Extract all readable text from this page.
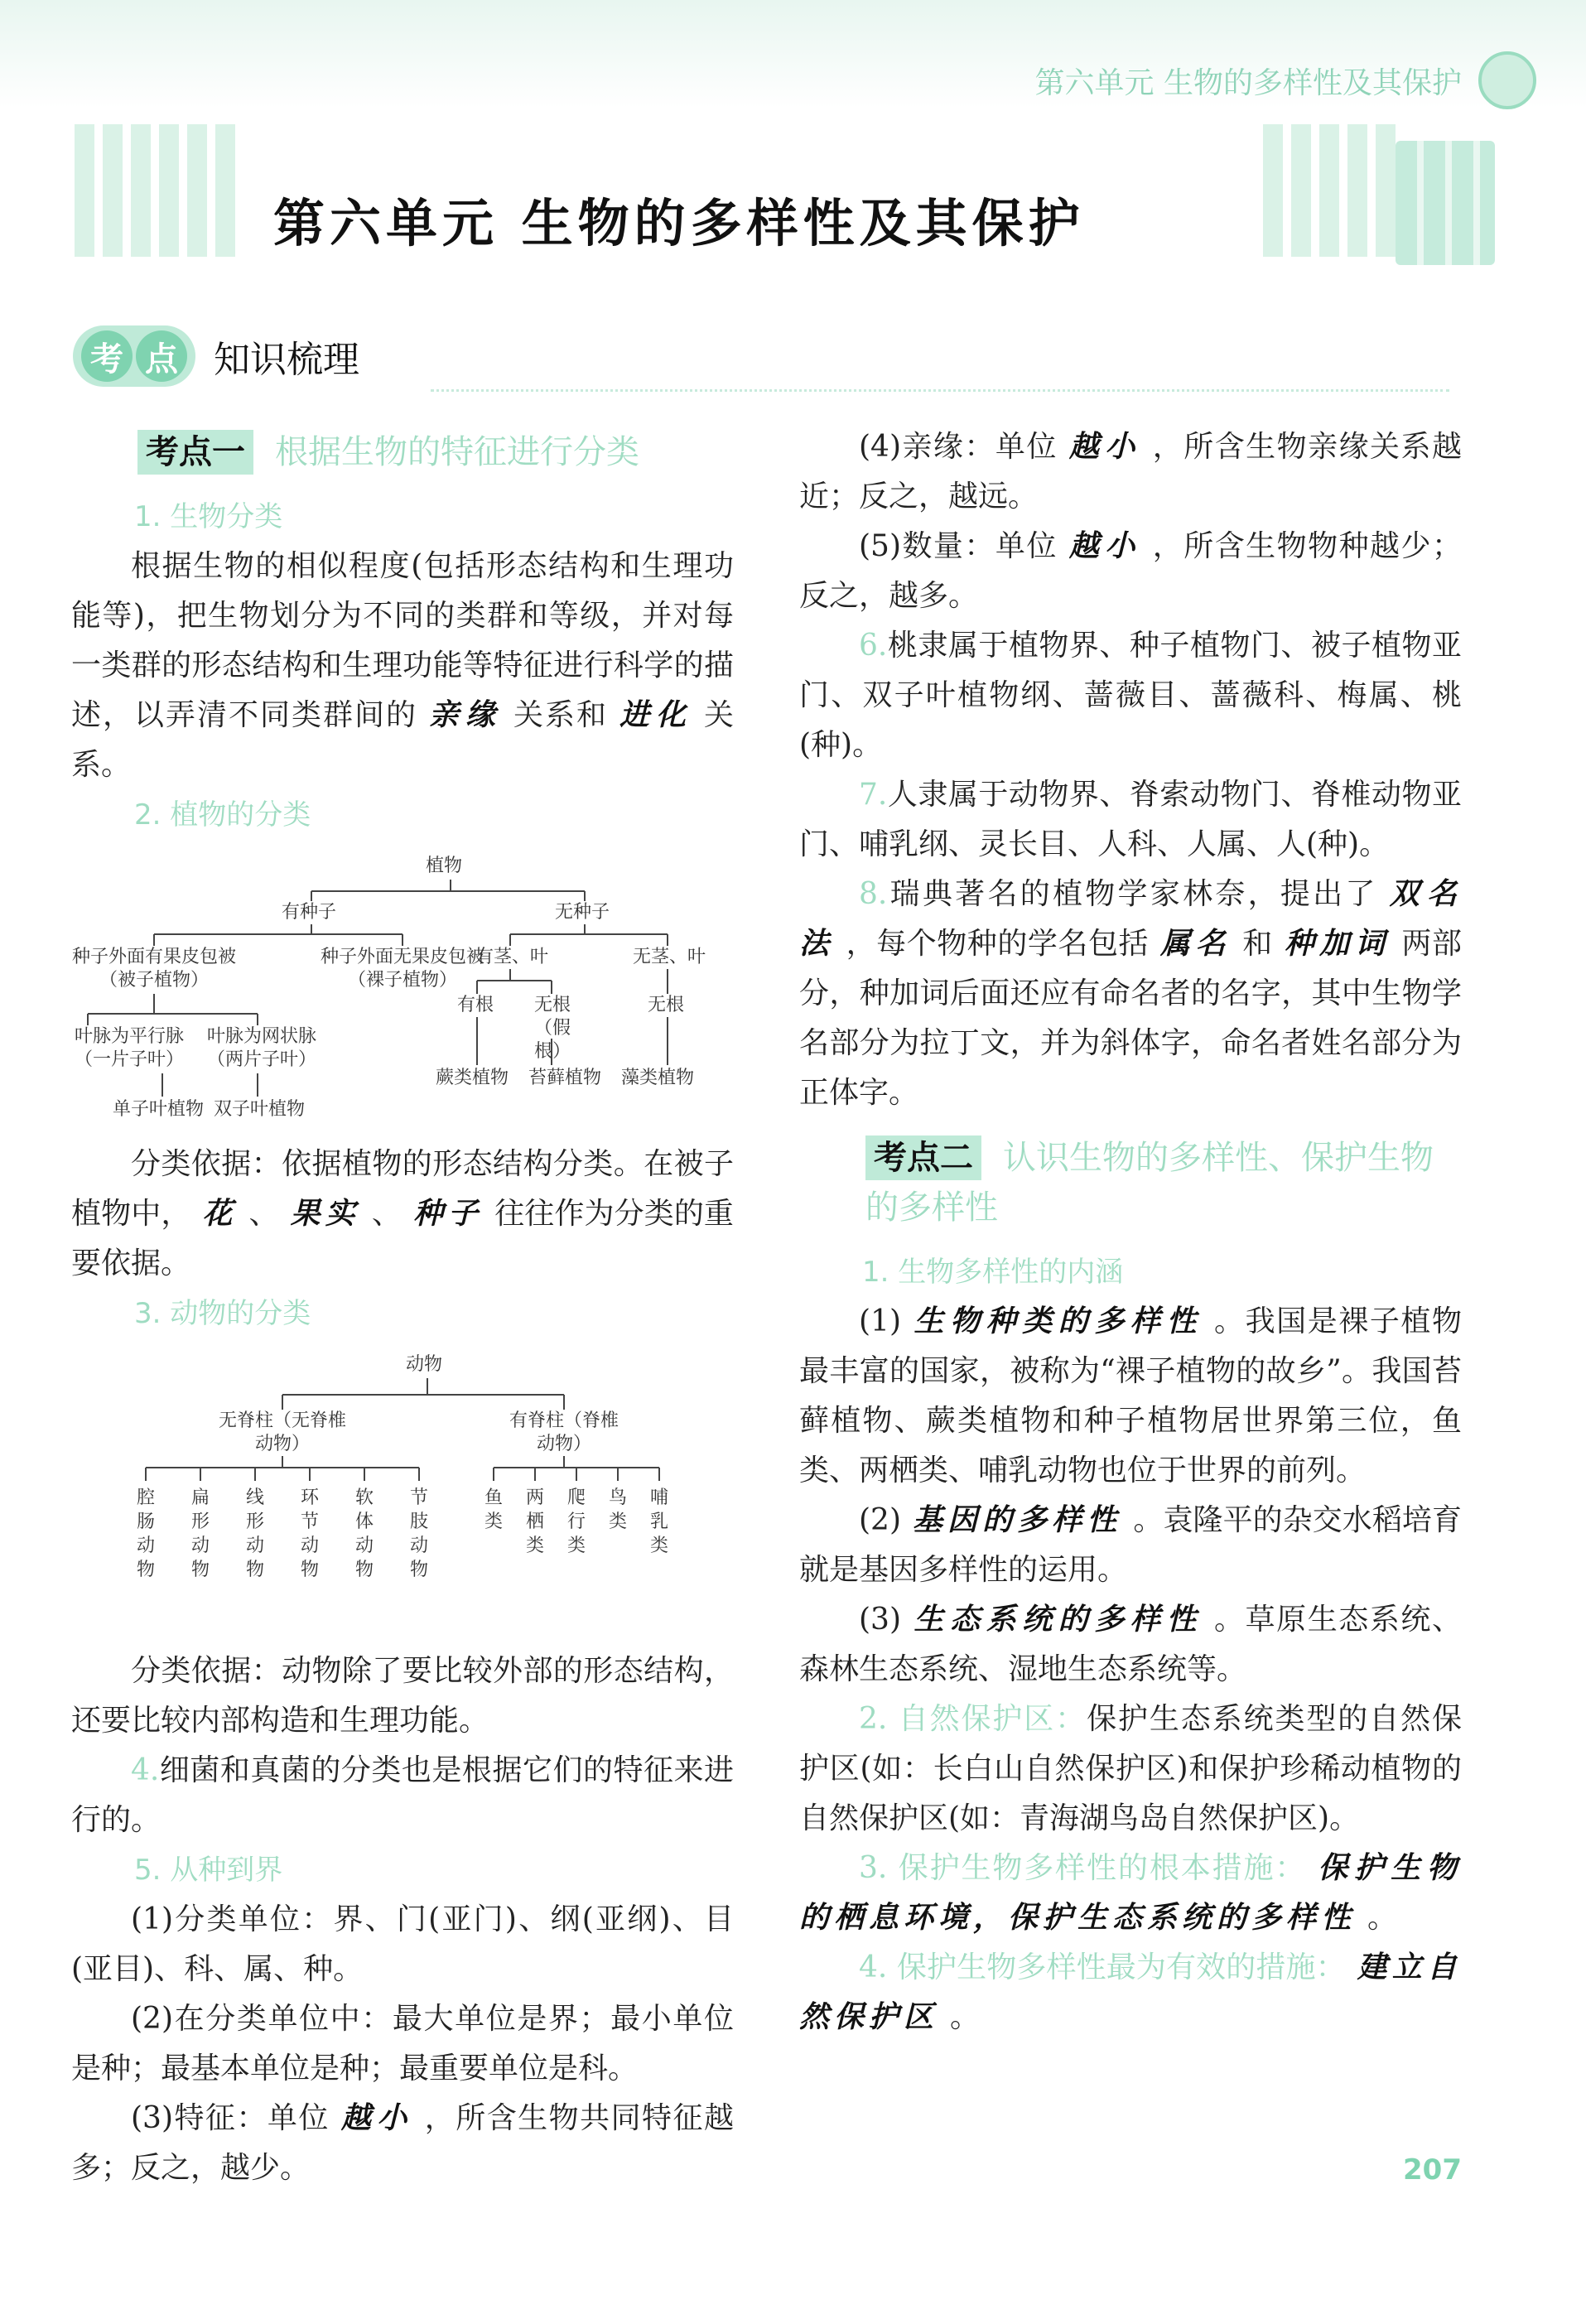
第六单元 生物的多样性及其保护
第六单元 生物的多样性及其保护
考 点 知识梳理
考点一 根据生物的特征进行分类
1. 生物分类

根据生物的相似程度(包括形态结构和生理功能等)，把生物划分为不同的类群和等级，并对每一类群的形态结构和生理功能等特征进行科学的描述，以弄清不同类群间的 亲缘 关系和 进化 关系。

2. 植物的分类
植物
有种子	无种子
种子外面有果皮包被（被子植物）
种子外面无果皮包被（裸子植物）
有茎、叶	无茎、叶
有根	无根（假根）
无根
叶脉为平行脉（一片子叶）
叶脉为网状脉（两片子叶）
蕨类植物 苔藓植物 藻类植物
单子叶植物 双子叶植物

分类依据：依据植物的形态结构分类。在被子植物中， 花 、 果实 、 种子 往往作为分类的重要依据。

3. 动物的分类
动物
无脊柱（无脊椎动物）
有脊柱（脊椎动物）
腔肠动物
扁形动物
线形动物
环节动物
软体动物
节肢动物
鱼类
两栖类
爬行类
鸟类
哺乳类

分类依据：动物除了要比较外部的形态结构，还要比较内部构造和生理功能。

4.细菌和真菌的分类也是根据它们的特征来进行的。

5. 从种到界

(1)分类单位：界、门(亚门)、纲(亚纲)、目(亚目)、科、属、种。

(2)在分类单位中：最大单位是界；最小单位是种；最基本单位是种；最重要单位是科。

(3)特征：单位 越小 ，所含生物共同特征越多；反之，越少。

(4)亲缘：单位 越小 ，所含生物亲缘关系越近；反之，越远。

(5)数量：单位 越小 ，所含生物物种越少；反之，越多。

6.桃隶属于植物界、种子植物门、被子植物亚门、双子叶植物纲、蔷薇目、蔷薇科、梅属、桃(种)。

7.人隶属于动物界、脊索动物门、脊椎动物亚门、哺乳纲、灵长目、人科、人属、人(种)。

8.瑞典著名的植物学家林奈，提出了 双名法 ，每个物种的学名包括 属名 和 种加词 两部分，种加词后面还应有命名者的名字，其中生物学名部分为拉丁文，并为斜体字，命名者姓名部分为正体字。

考点二 认识生物的多样性、保护生物的多样性
1. 生物多样性的内涵

(1) 生物种类的多样性 。我国是裸子植物最丰富的国家，被称为“裸子植物的故乡”。我国苔藓植物、蕨类植物和种子植物居世界第三位，鱼类、两栖类、哺乳动物也位于世界的前列。

(2) 基因的多样性 。袁隆平的杂交水稻培育就是基因多样性的运用。

(3) 生态系统的多样性 。草原生态系统、森林生态系统、湿地生态系统等。

2. 自然保护区：保护生态系统类型的自然保护区(如：长白山自然保护区)和保护珍稀动植物的自然保护区(如：青海湖鸟岛自然保护区)。

3. 保护生物多样性的根本措施： 保护生物的栖息环境，保护生态系统的多样性 。

4. 保护生物多样性最为有效的措施： 建立自然保护区 。

207
